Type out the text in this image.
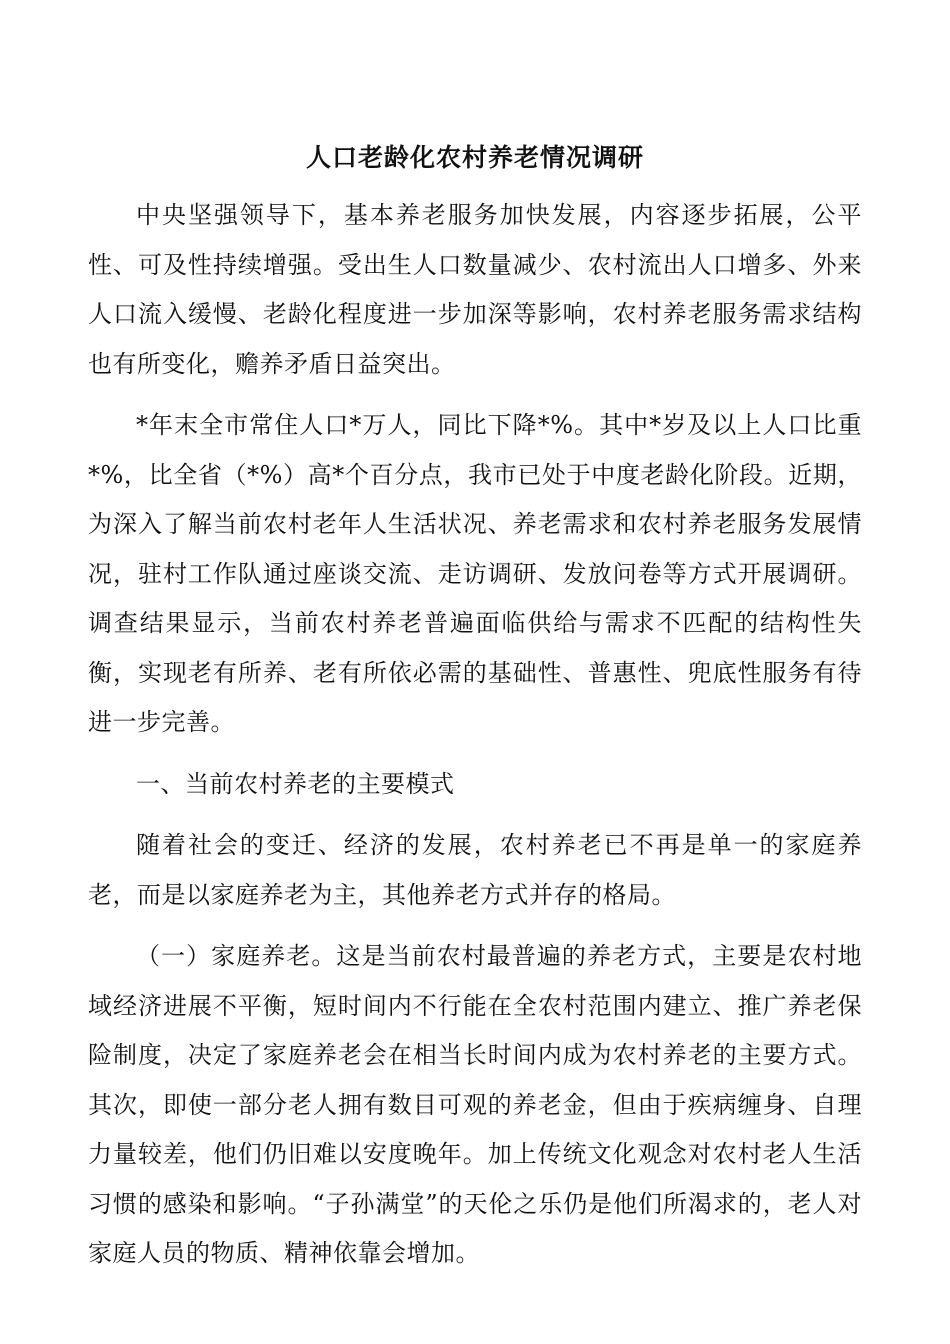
人口老龄化农村养老情况调研

中央坚强领导下，基本养老服务加快发展，内容逐步拓展，公平性、可及性持续增强。受出生人口数量减少、农村流出人口增多、外来人口流入缓慢、老龄化程度进一步加深等影响，农村养老服务需求结构也有所变化，赡养矛盾日益突出。

*年末全市常住人口*万人，同比下降*%。其中*岁及以上人口比重*%，比全省（*%）高*个百分点，我市已处于中度老龄化阶段。近期，为深入了解当前农村老年人生活状况、养老需求和农村养老服务发展情况，驻村工作队通过座谈交流、走访调研、发放问卷等方式开展调研。调查结果显示，当前农村养老普遍面临供给与需求不匹配的结构性失衡，实现老有所养、老有所依必需的基础性、普惠性、兜底性服务有待进一步完善。

一、当前农村养老的主要模式

随着社会的变迁、经济的发展，农村养老已不再是单一的家庭养老，而是以家庭养老为主，其他养老方式并存的格局。

（一）家庭养老。这是当前农村最普遍的养老方式，主要是农村地域经济进展不平衡，短时间内不行能在全农村范围内建立、推广养老保险制度，决定了家庭养老会在相当长时间内成为农村养老的主要方式。其次，即使一部分老人拥有数目可观的养老金，但由于疾病缠身、自理力量较差，他们仍旧难以安度晚年。加上传统文化观念对农村老人生活习惯的感染和影响。“子孙满堂”的天伦之乐仍是他们所渴求的，老人对家庭人员的物质、精神依靠会增加。
